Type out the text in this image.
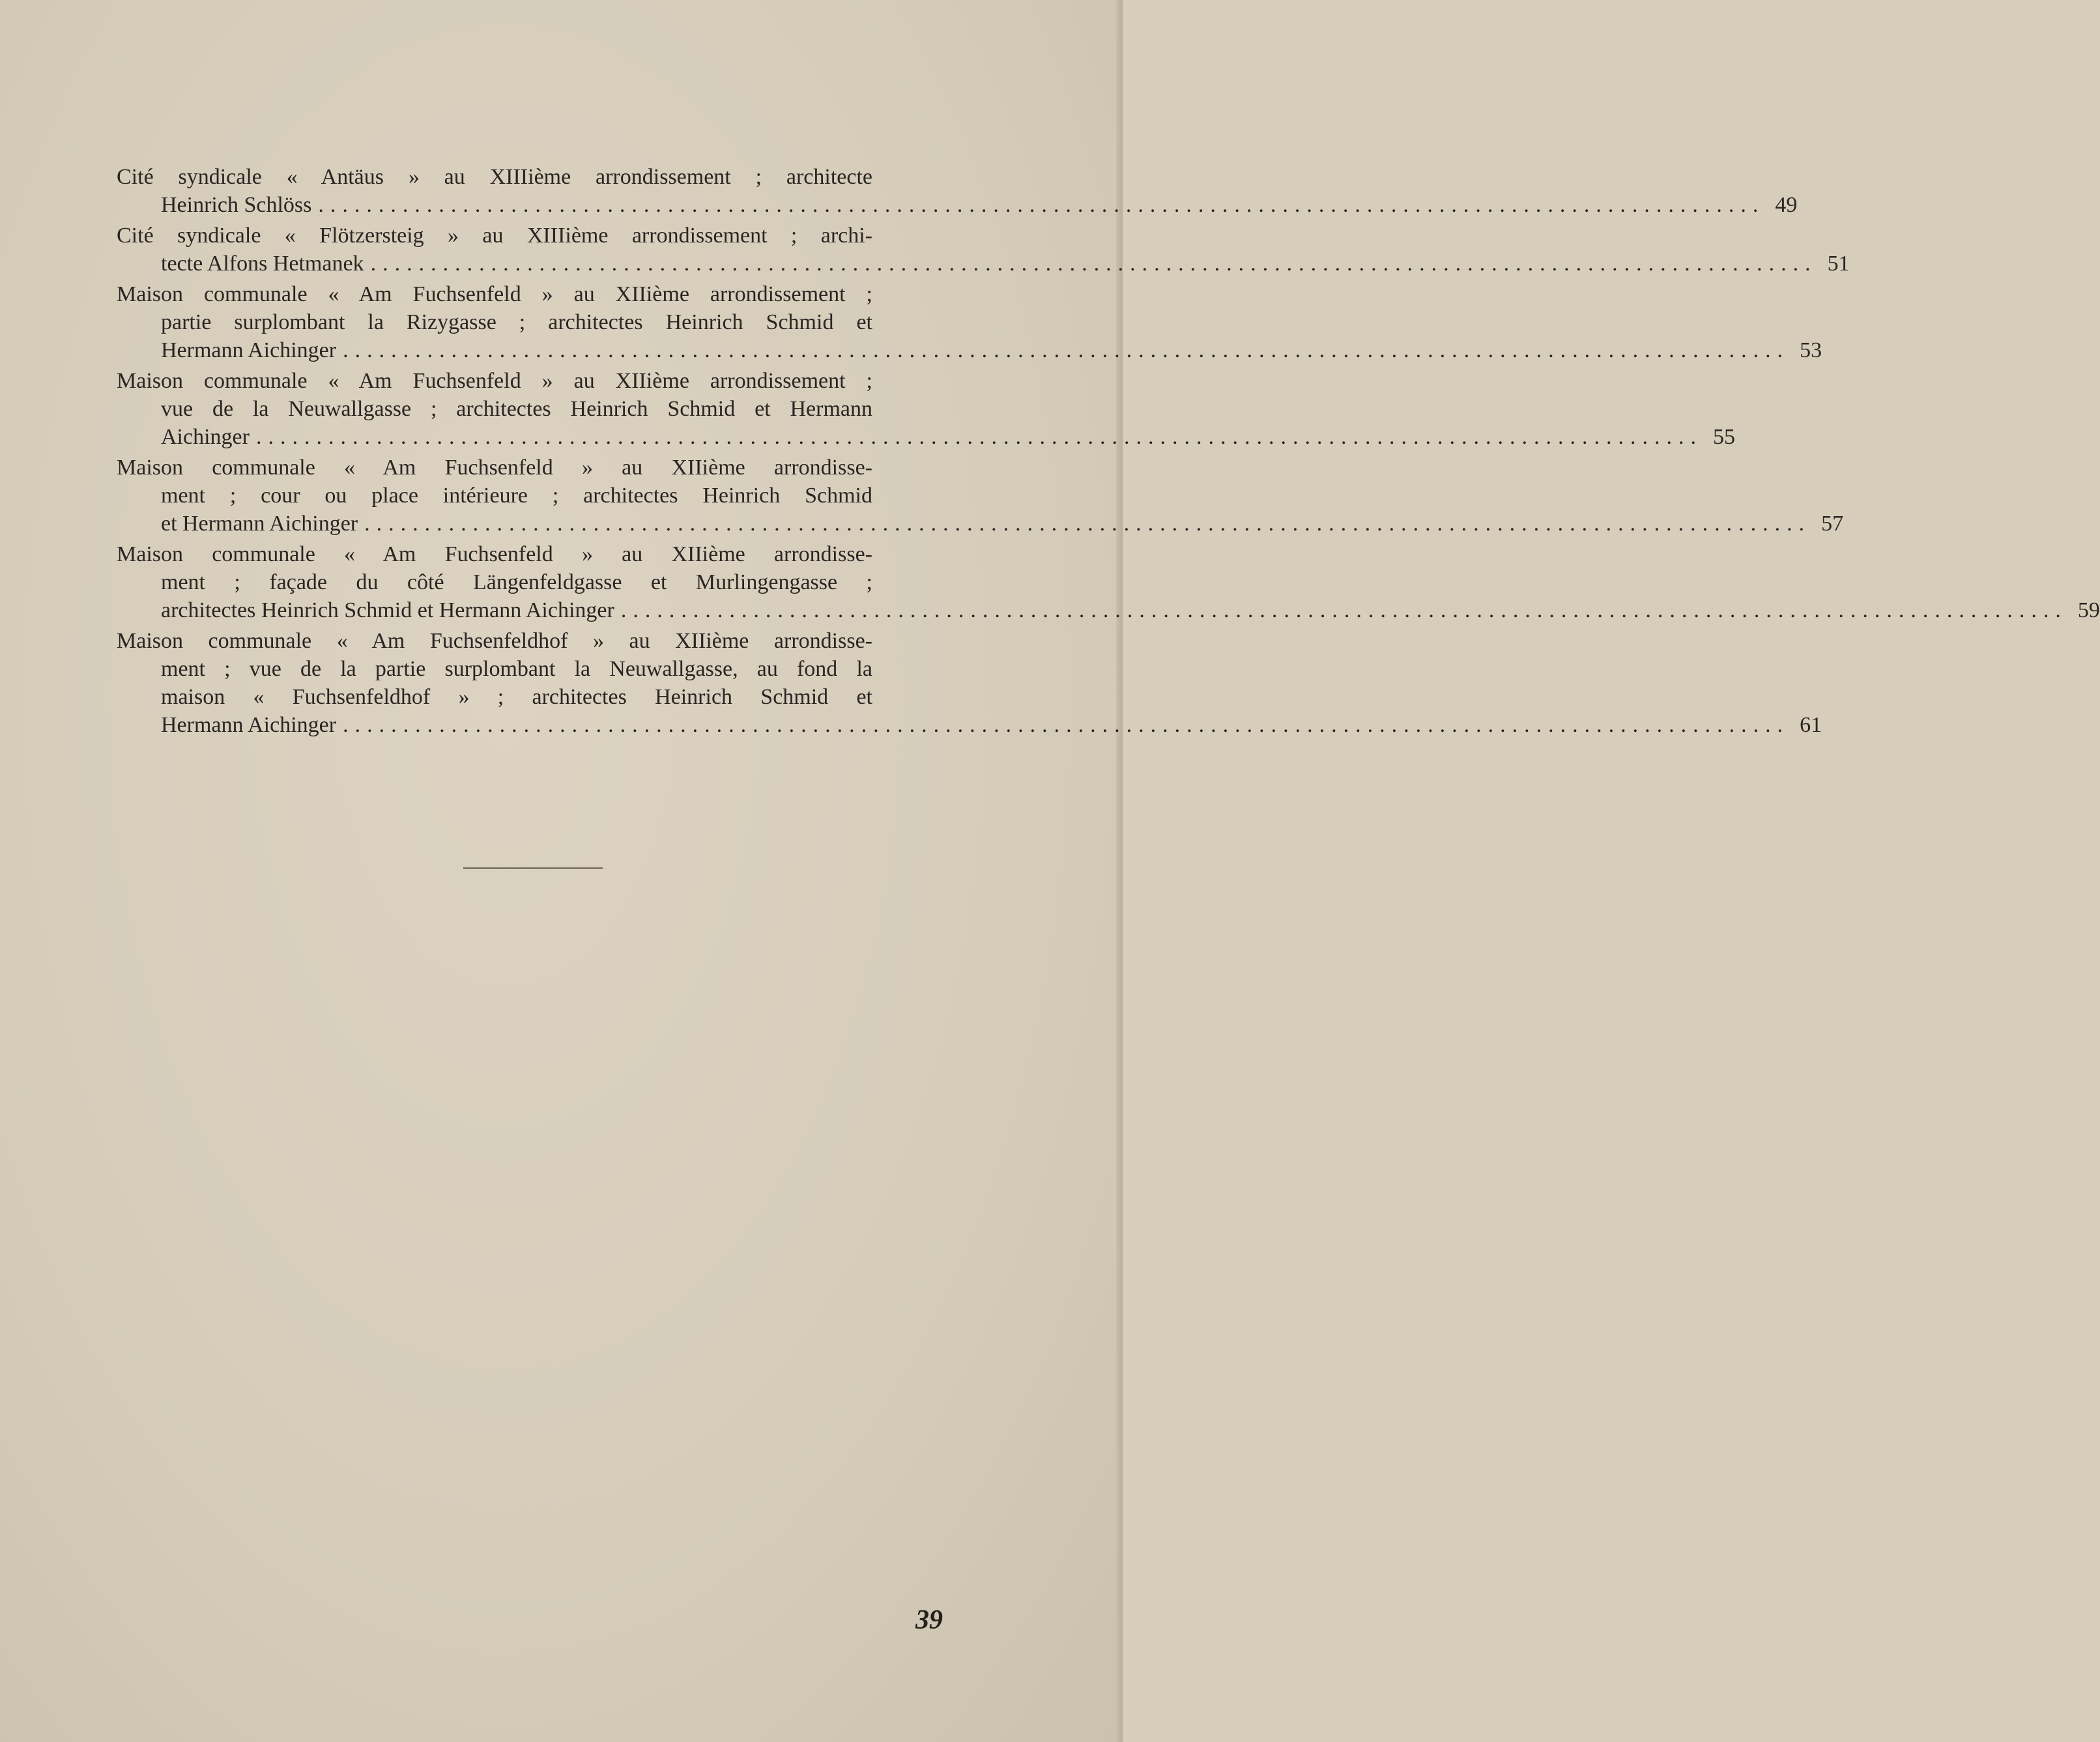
Cité syndicale « Antäus » au XIIIième arrondissement ; architecte
Heinrich Schlöss ........................................................................................................................ 49
Cité syndicale « Flötzersteig » au XIIIième arrondissement ; archi-
tecte Alfons Hetmanek ........................................................................................................................ 51
Maison communale « Am Fuchsenfeld » au XIIième arrondissement ;
partie surplombant la Rizygasse ; architectes Heinrich Schmid et
Hermann Aichinger ........................................................................................................................ 53
Maison communale « Am Fuchsenfeld » au XIIième arrondissement ;
vue de la Neuwallgasse ; architectes Heinrich Schmid et Hermann
Aichinger ........................................................................................................................ 55
Maison communale « Am Fuchsenfeld » au XIIième arrondisse-
ment ; cour ou place intérieure ; architectes Heinrich Schmid
et Hermann Aichinger ........................................................................................................................ 57
Maison communale « Am Fuchsenfeld » au XIIième arrondisse-
ment ; façade du côté Längenfeldgasse et Murlingengasse ;
architectes Heinrich Schmid et Hermann Aichinger ........................................................................................................................ 59
Maison communale « Am Fuchsenfeldhof » au XIIième arrondisse-
ment ; vue de la partie surplombant la Neuwallgasse, au fond la
maison « Fuchsenfeldhof » ; architectes Heinrich Schmid et
Hermann Aichinger ........................................................................................................................ 61
39
